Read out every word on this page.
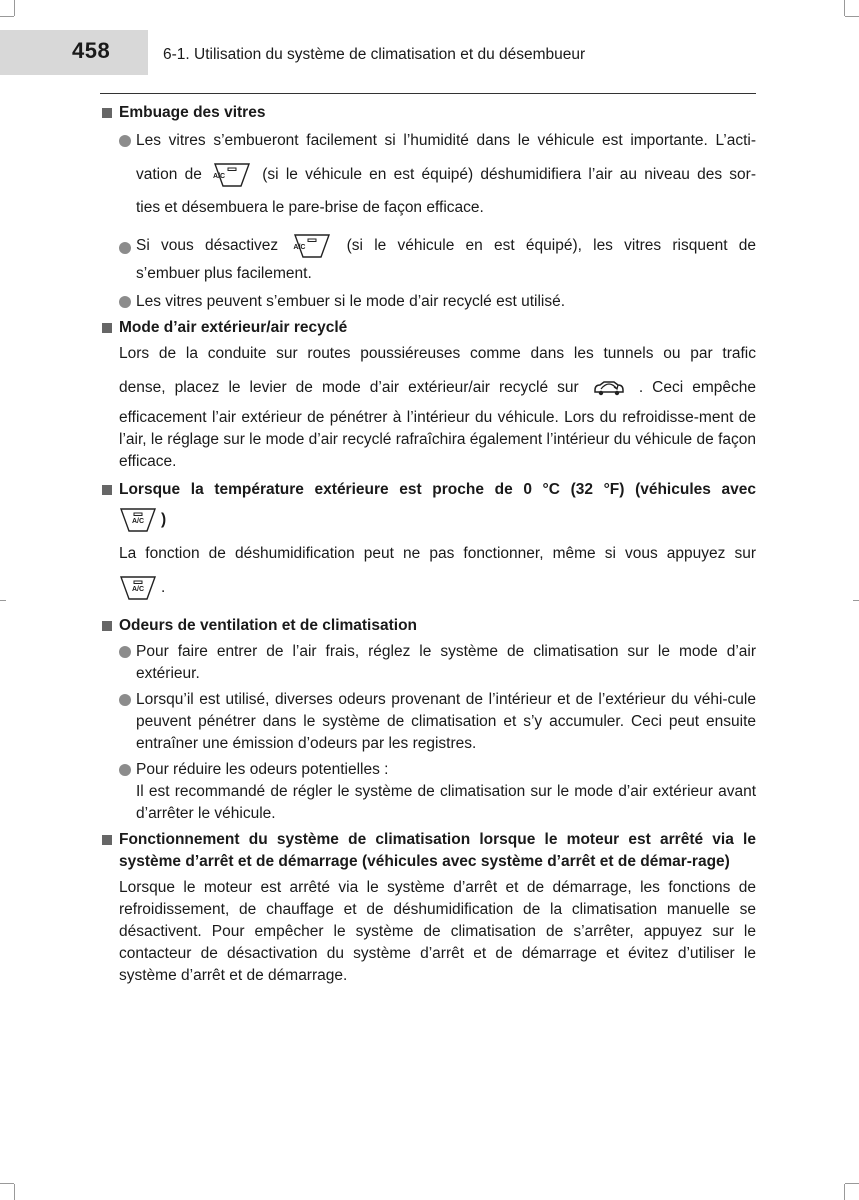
458	6-1. Utilisation du système de climatisation et du désembueur
Embuage des vitres
Les vitres s’embueront facilement si l’humidité dans le véhicule est importante. L’acti-
vation de A/C	(si le véhicule en est équipé) déshumidifiera l’air au niveau des sor-
ties et désembuera le pare-brise de façon efficace.
Si vous désactivez A/C	(si le véhicule en est équipé), les vitres risquent de
s’embuer plus facilement.
Les vitres peuvent s’embuer si le mode d’air recyclé est utilisé.
Mode d’air extérieur/air recyclé
Lors de la conduite sur routes poussiéreuses comme dans les tunnels ou par trafic
dense, placez le levier de mode d’air extérieur/air recyclé sur	. Ceci empêche
efficacement l’air extérieur de pénétrer à l’intérieur du véhicule. Lors du refroidisse-ment de l’air, le réglage sur le mode d’air recyclé rafraîchira également l’intérieur du véhicule de façon efficace.
Lorsque la température extérieure est proche de 0 °C (32 °F) (véhicules avec
A/C	)
La fonction de déshumidification peut ne pas fonctionner, même si vous appuyez sur
A/C	.
Odeurs de ventilation et de climatisation
Pour faire entrer de l’air frais, réglez le système de climatisation sur le mode d’air extérieur.
Lorsqu’il est utilisé, diverses odeurs provenant de l’intérieur et de l’extérieur du véhi-cule peuvent pénétrer dans le système de climatisation et s’y accumuler. Ceci peut ensuite entraîner une émission d’odeurs par les registres.
Pour réduire les odeurs potentielles :
Il est recommandé de régler le système de climatisation sur le mode d’air extérieur avant d’arrêter le véhicule.
Fonctionnement du système de climatisation lorsque le moteur est arrêté via le système d’arrêt et de démarrage (véhicules avec système d’arrêt et de démar-rage)
Lorsque le moteur est arrêté via le système d’arrêt et de démarrage, les fonctions de refroidissement, de chauffage et de déshumidification de la climatisation manuelle se désactivent. Pour empêcher le système de climatisation de s’arrêter, appuyez sur le contacteur de désactivation du système d’arrêt et de démarrage et évitez d’utiliser le système d’arrêt et de démarrage.
